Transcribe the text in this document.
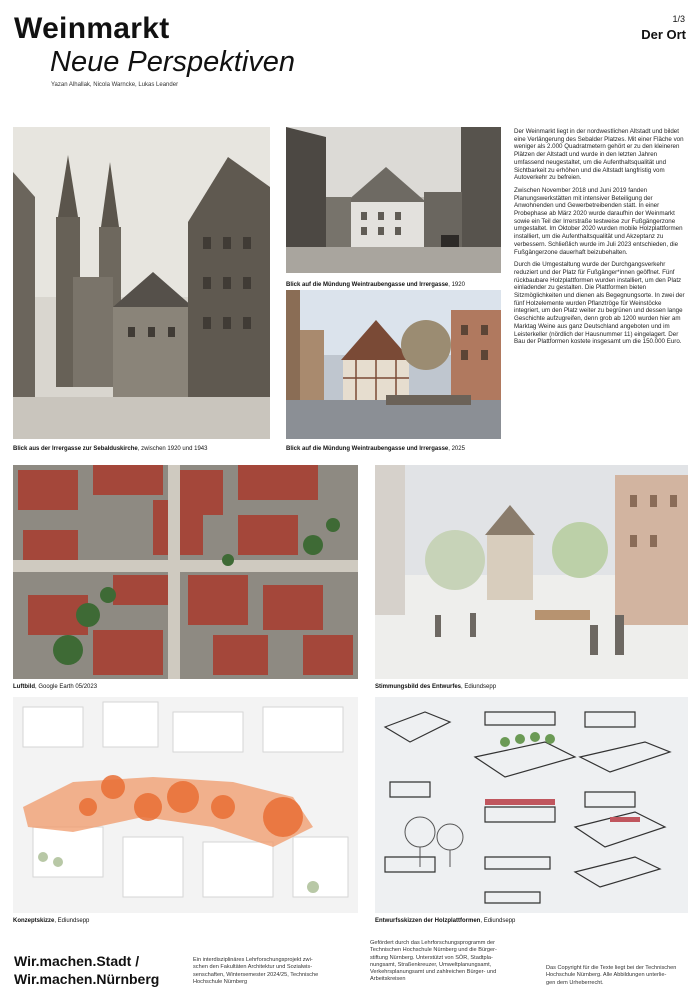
Weinmarkt
Neue Perspektiven
Yazan Alhallak, Nicola Warncke, Lukas Leander
1/3
Der Ort
Blick aus der Irrergasse zur Sebalduskirche, zwischen 1920 und 1943
Blick auf die Mündung Weintraubengasse und Irrergasse, 1920
Blick auf die Mündung Weintraubengasse und Irrergasse, 2025

Der Weinmarkt liegt in der nordwestlichen Altstadt und bildet eine Verlängerung des Sebalder Platzes. Mit einer Fläche von weniger als 2.000 Quadratmetern gehört er zu den kleineren Plätzen der Altstadt und wurde in den letzten Jahren umfassend neugestaltet, um die Aufenthaltsqualität und Sichtbarkeit zu erhöhen und die Altstadt langfristig vom Autoverkehr zu befreien.

Zwischen November 2018 und Juni 2019 fanden Planungswerkstätten mit intensiver Beteiligung der Anwohnenden und Gewerbetreibenden statt. In einer Probephase ab März 2020 wurde daraufhin der Weinmarkt sowie ein Teil der Irrerstraße testweise zur Fußgängerzone umgestaltet. Im Oktober 2020 wurden mobile Holzplattformen installiert, um die Aufenthaltsqualität und Akzeptanz zu verbessern. Schließlich wurde im Juli 2023 entschieden, die Fußgängerzone dauerhaft beizubehalten.

Durch die Umgestaltung wurde der Durchgangsverkehr reduziert und der Platz für Fußgänger*innen geöffnet. Fünf rückbaubare Holzplattformen wurden installiert, um den Platz einladender zu gestalten. Die Plattformen bieten Sitzmöglichkeiten und dienen als Begegnungsorte. In zwei der fünf Holzelemente wurden Pflanztröge für Weinstöcke integriert, um den Platz weiter zu begrünen und dessen lange Geschichte aufzugreifen, denn grob ab 1200 wurden hier am Marktag Weine aus ganz Deutschland angeboten und im Leisterkeller (nördlich der Hausnummer 11) eingelagert. Der Bau der Plattformen kostete insgesamt um die 150.000 Euro.

Luftbild, Google Earth 05/2023	Stimmungsbild des Entwurfes, Ediundsepp
Konzeptskizze, Ediundsepp	Entwurfsskizzen der Holzplattformen, Ediundsepp
Wir.machen.Stadt /
Wir.machen.Nürnberg
Ein interdisziplinäres Lehrforschungsprojekt zwi-
schen den Fakultäten Architektur und Sozialwis-
senschaften, Wintersemester 2024/25, Technische
Hochschule Nürnberg
Gefördert durch das Lehrforschungsprogramm der
Technischen Hochschule Nürnberg und die Bürger-
stiftung Nürnberg. Unterstützt von SÖR, Stadtpla-
nungsamt, Straßenkreuzer, Umweltplanungsamt,
Verkehrsplanungsamt und zahlreichen Bürger- und
Arbeitskreisen
Das Copyright für die Texte liegt bei der Technischen
Hochschule Nürnberg. Alle Abbildungen unterlie-
gen dem Urheberrecht.
